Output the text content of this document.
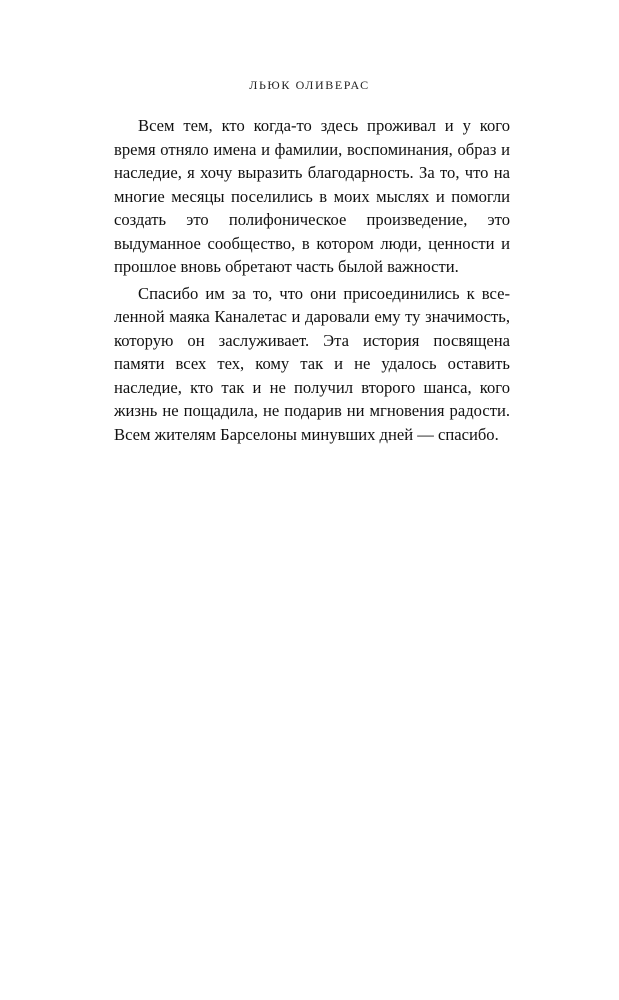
ЛЬЮК ОЛИВЕРАС

Всем тем, кто когда-то здесь проживал и у кого время отняло имена и фамилии, воспоминания, образ и наследие, я хочу выразить благодарность. За то, что на многие месяцы поселились в моих мыслях и помогли создать это полифоническое произведение, это выдуманное сообщество, в котором люди, ценности и прошлое вновь обретают часть былой важности.

Спасибо им за то, что они присоединились к вселенной маяка Каналетас и даровали ему ту значимость, которую он заслуживает. Эта история посвящена памяти всех тех, кому так и не удалось оставить наследие, кто так и не получил второго шанса, кого жизнь не пощадила, не подарив ни мгновения радости. Всем жителям Барселоны минувших дней — спасибо.
